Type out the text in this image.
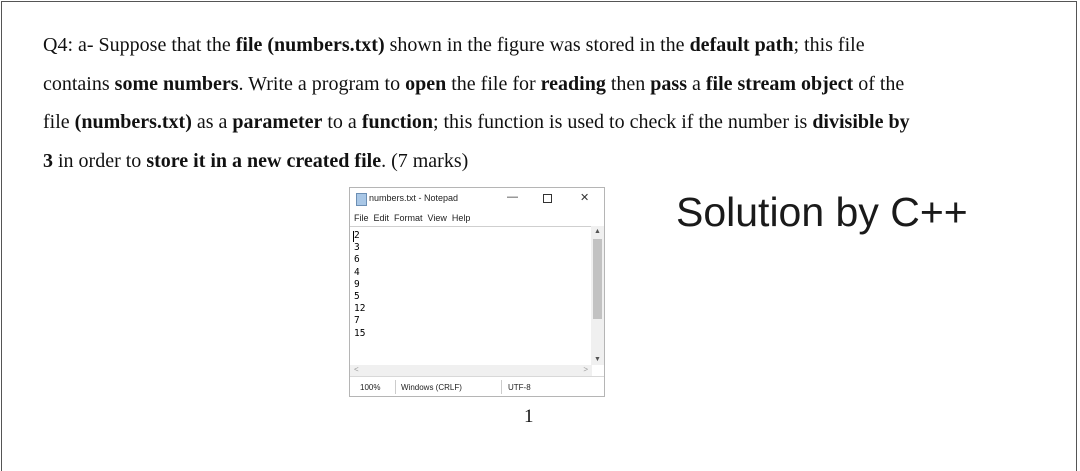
Q4: a- Suppose that the file (numbers.txt) shown in the figure was stored in the default path; this file
contains some numbers. Write a program to open the file for reading then pass a file stream object of the
file (numbers.txt) as a parameter to a function; this function is used to check if the number is divisible by
3 in order to store it in a new created file. (7 marks)
numbers.txt - Notepad	—	✕
File Edit Format View Help
2
3
6
4
9
5
12
7
15
▲
▼
<	>
100%	Windows (CRLF)	UTF-8
1
Solution by C++
